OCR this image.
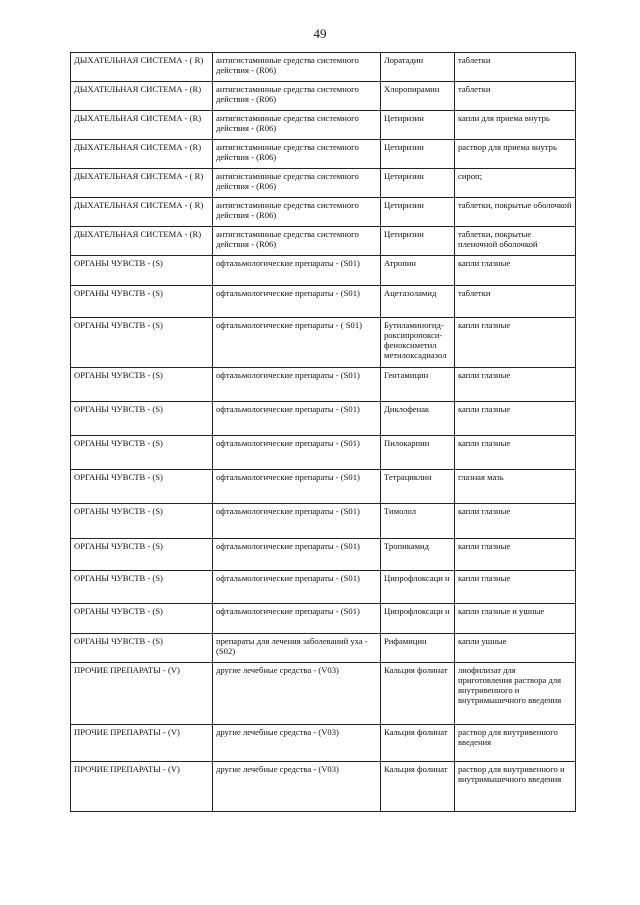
49
ДЫХАТЕЛЬНАЯ СИСТЕМА - ( R)	антигистаминные средства системного действия - (R06)	Лоратадин	таблетки
ДЫХАТЕЛЬНАЯ СИСТЕМА - (R)	антигистаминные средства системного действия - (R06)	Хлоропирамин	таблетки
ДЫХАТЕЛЬНАЯ СИСТЕМА - (R)	антигистаминные средства системного действия - (R06)	Цетиризин	капли для приема внутрь
ДЫХАТЕЛЬНАЯ СИСТЕМА - (R)	антигистаминные средства системного действия - (R06)	Цетиризин	раствор для приема внутрь
ДЫХАТЕЛЬНАЯ СИСТЕМА - ( R)	антигистаминные средства системного действия - (R06)	Цетиризин	сироп;
ДЫХАТЕЛЬНАЯ СИСТЕМА - ( R)	антигистаминные средства системного действия - (R06)	Цетиризин	таблетки, покрытые оболочкой
ДЫХАТЕЛЬНАЯ СИСТЕМА - (R)	антигистаминные средства системного действия - (R06)	Цетиризин	таблетки, покрытые пленочной оболочкой
ОРГАНЫ ЧУВСТВ - (S)	офтальмологические препараты - (S01)	Атропин	капли глазные
ОРГАНЫ ЧУВСТВ - (S)	офтальмологические препараты - (S01)	Ацетазоламид	таблетки
ОРГАНЫ ЧУВСТВ - (S)	офтальмологические препараты - ( S01)	Бутиламиногид-роксипропокси-феноксиметил метилоксадиазол	капли глазные
ОРГАНЫ ЧУВСТВ - (S)	офтальмологические препараты - (S01)	Гентамицин	капли глазные
ОРГАНЫ ЧУВСТВ - (S)	офтальмологические препараты - (S01)	Диклофенак	капли глазные
ОРГАНЫ ЧУВСТВ - (S)	офтальмологические препараты - (S01)	Пилокарпин	капли глазные
ОРГАНЫ ЧУВСТВ - (S)	офтальмологические препараты - (S01)	Тетрациклин	глазная мазь
ОРГАНЫ ЧУВСТВ - (S)	офтальмологические препараты - (S01)	Тимолол	капли глазные
ОРГАНЫ ЧУВСТВ - (S)	офтальмологические препараты - (S01)	Тропикамид	капли глазные
ОРГАНЫ ЧУВСТВ - (S)	офтальмологические препараты - (S01)	Ципрофлоксаци н	капли глазные
ОРГАНЫ ЧУВСТВ - (S)	офтальмологические препараты - (S01)	Ципрофлоксаци н	капли глазные и ушные
ОРГАНЫ ЧУВСТВ - (S)	препараты для лечения заболеваний уха - (S02)	Рифамицин	капли ушные
ПРОЧИЕ ПРЕПАРАТЫ - (V)	другие лечебные средства - (V03)	Кальция фолинат	лиофилизат для приготовления раствора для внутривенного и внутримышечного введения
ПРОЧИЕ ПРЕПАРАТЫ - (V)	другие лечебные средства - (V03)	Кальция фолинат	раствор для внутривенного введения
ПРОЧИЕ ПРЕПАРАТЫ - (V)	другие лечебные средства - (V03)	Кальция фолинат	раствор для внутривенного и внутримышечного введения
